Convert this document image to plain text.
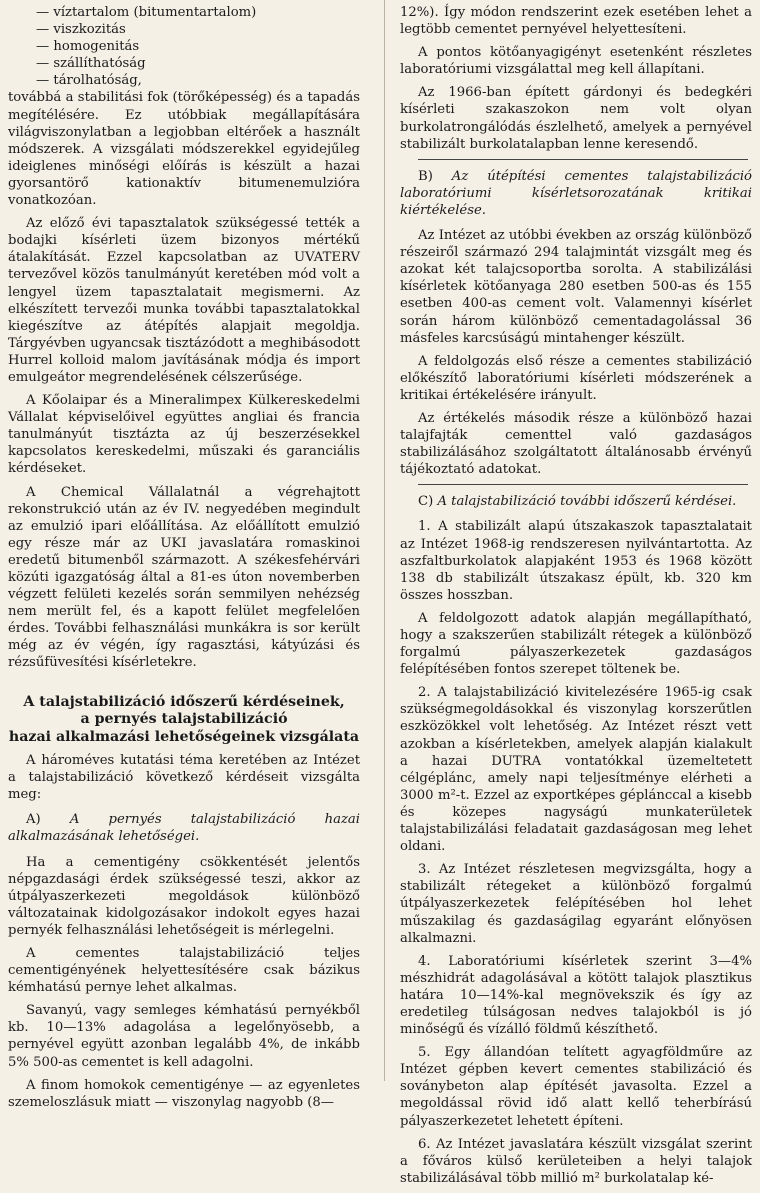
— víztartalom (bitumentartalom)
— viszkozitás
— homogenitás
— szállíthatóság
— tárolhatóság,

továbbá a stabilitási fok (törőképesség) és a tapadás megítélésére. Ez utóbbiak megállapítására világviszonylatban a legjobban eltérőek a használt módszerek. A vizsgálati módszerekkel egyidejűleg ideiglenes minőségi előírás is készült a hazai gyorsantörő kationaktív bitumenemulzióra vonatkozóan.

Az előző évi tapasztalatok szükségessé tették a bodajki kísérleti üzem bizonyos mértékű átalakítását. Ezzel kapcsolatban az UVATERV tervezővel közös tanulmányút keretében mód volt a lengyel üzem tapasztalatait megismerni. Az elkészített tervezői munka további tapasztalatokkal kiegészítve az átépítés alapjait megoldja. Tárgyévben ugyancsak tisztázódott a meghibásodott Hurrel kolloid malom javításának módja és import emulgeátor megrendelésének célszerűsége.

A Kőolaipar és a Mineralimpex Külkereskedelmi Vállalat képviselőivel együttes angliai és francia tanulmányút tisztázta az új beszerzésekkel kapcsolatos kereskedelmi, műszaki és garanciális kérdéseket.

A Chemical Vállalatnál a végrehajtott rekonstrukció után az év IV. negyedében megindult az emulzió ipari előállítása. Az előállított emulzió egy része már az UKI javaslatára romaskinoi eredetű bitumenből származott. A székesfehérvári közúti igazgatóság által a 81-es úton novemberben végzett felületi kezelés során semmilyen nehézség nem merült fel, és a kapott felület megfelelően érdes. További felhasználási munkákra is sor került még az év végén, így ragasztási, kátyúzási és rézsűfüvesítési kísérletekre.

A talajstabilizáció időszerű kérdéseinek,
a pernyés talajstabilizáció
hazai alkalmazási lehetőségeinek vizsgálata

A hároméves kutatási téma keretében az Intézet a talajstabilizáció következő kérdéseit vizsgálta meg:

A) A pernyés talajstabilizáció hazai alkalmazásának lehetőségei.

Ha a cementigény csökkentését jelentős népgazdasági érdek szükségessé teszi, akkor az útpályaszerkezeti megoldások különböző változatainak kidolgozásakor indokolt egyes hazai pernyék felhasználási lehetőségeit is mérlegelni.

A cementes talajstabilizáció teljes cementigényének helyettesítésére csak bázikus kémhatású pernye lehet alkalmas.

Savanyú, vagy semleges kémhatású pernyékből kb. 10—13% adagolása a legelőnyösebb, a pernyével együtt azonban legalább 4%, de inkább 5% 500-as cementet is kell adagolni.

A finom homokok cementigénye — az egyenletes szemeloszlásuk miatt — viszonylag nagyobb (8—

12%). Így módon rendszerint ezek esetében lehet a legtöbb cementet pernyével helyettesíteni.

A pontos kötőanyagigényt esetenként részletes laboratóriumi vizsgálattal meg kell állapítani.

Az 1966-ban épített gárdonyi és bedegkéri kísérleti szakaszokon nem volt olyan burkolatrongálódás észlelhető, amelyek a pernyével stabilizált burkolatalapban lenne keresendő.

B) Az útépítési cementes talajstabilizáció laboratóriumi kísérletsorozatának kritikai kiértékelése.

Az Intézet az utóbbi években az ország különböző részeiről származó 294 talajmintát vizsgált meg és azokat két talajcsoportba sorolta. A stabilizálási kísérletek kötőanyaga 280 esetben 500-as és 155 esetben 400-as cement volt. Valamennyi kísérlet során három különböző cementadagolással 36 másfeles karcsúságú mintahenger készült.

A feldolgozás első része a cementes stabilizáció előkészítő laboratóriumi kísérleti módszerének a kritikai értékelésére irányult.

Az értékelés második része a különböző hazai talajfajták cementtel való gazdaságos stabilizálásához szolgáltatott általánosabb érvényű tájékoztató adatokat.

C) A talajstabilizáció további időszerű kérdései.

1. A stabilizált alapú útszakaszok tapasztalatait az Intézet 1968-ig rendszeresen nyilvántartotta. Az aszfaltburkolatok alapjaként 1953 és 1968 között 138 db stabilizált útszakasz épült, kb. 320 km összes hosszban.

A feldolgozott adatok alapján megállapítható, hogy a szakszerűen stabilizált rétegek a különböző forgalmú pályaszerkezetek gazdaságos felépítésében fontos szerepet töltenek be.

2. A talajstabilizáció kivitelezésére 1965-ig csak szükségmegoldásokkal és viszonylag korszerűtlen eszközökkel volt lehetőség. Az Intézet részt vett azokban a kísérletekben, amelyek alapján kialakult a hazai DUTRA vontatókkal üzemeltetett célgéplánc, amely napi teljesítménye elérheti a 3000 m²-t. Ezzel az exportképes géplánccal a kisebb és közepes nagyságú munkaterületek talajstabilizálási feladatait gazdaságosan meg lehet oldani.

3. Az Intézet részletesen megvizsgálta, hogy a stabilizált rétegeket a különböző forgalmú útpályaszerkezetek felépítésében hol lehet műszakilag és gazdaságilag egyaránt előnyösen alkalmazni.

4. Laboratóriumi kísérletek szerint 3—4% mészhidrát adagolásával a kötött talajok plasztikus határa 10—14%-kal megnövekszik és így az eredetileg túlságosan nedves talajokból is jó minőségű és vízálló földmű készíthető.

5. Egy állandóan telített agyagföldműre az Intézet gépben kevert cementes stabilizáció és soványbeton alap építését javasolta. Ezzel a megoldással rövid idő alatt kellő teherbírású pályaszerkezetet lehetett építeni.

6. Az Intézet javaslatára készült vizsgálat szerint a főváros külső kerületeiben a helyi talajok stabilizálásával több millió m² burkolatalap ké-
